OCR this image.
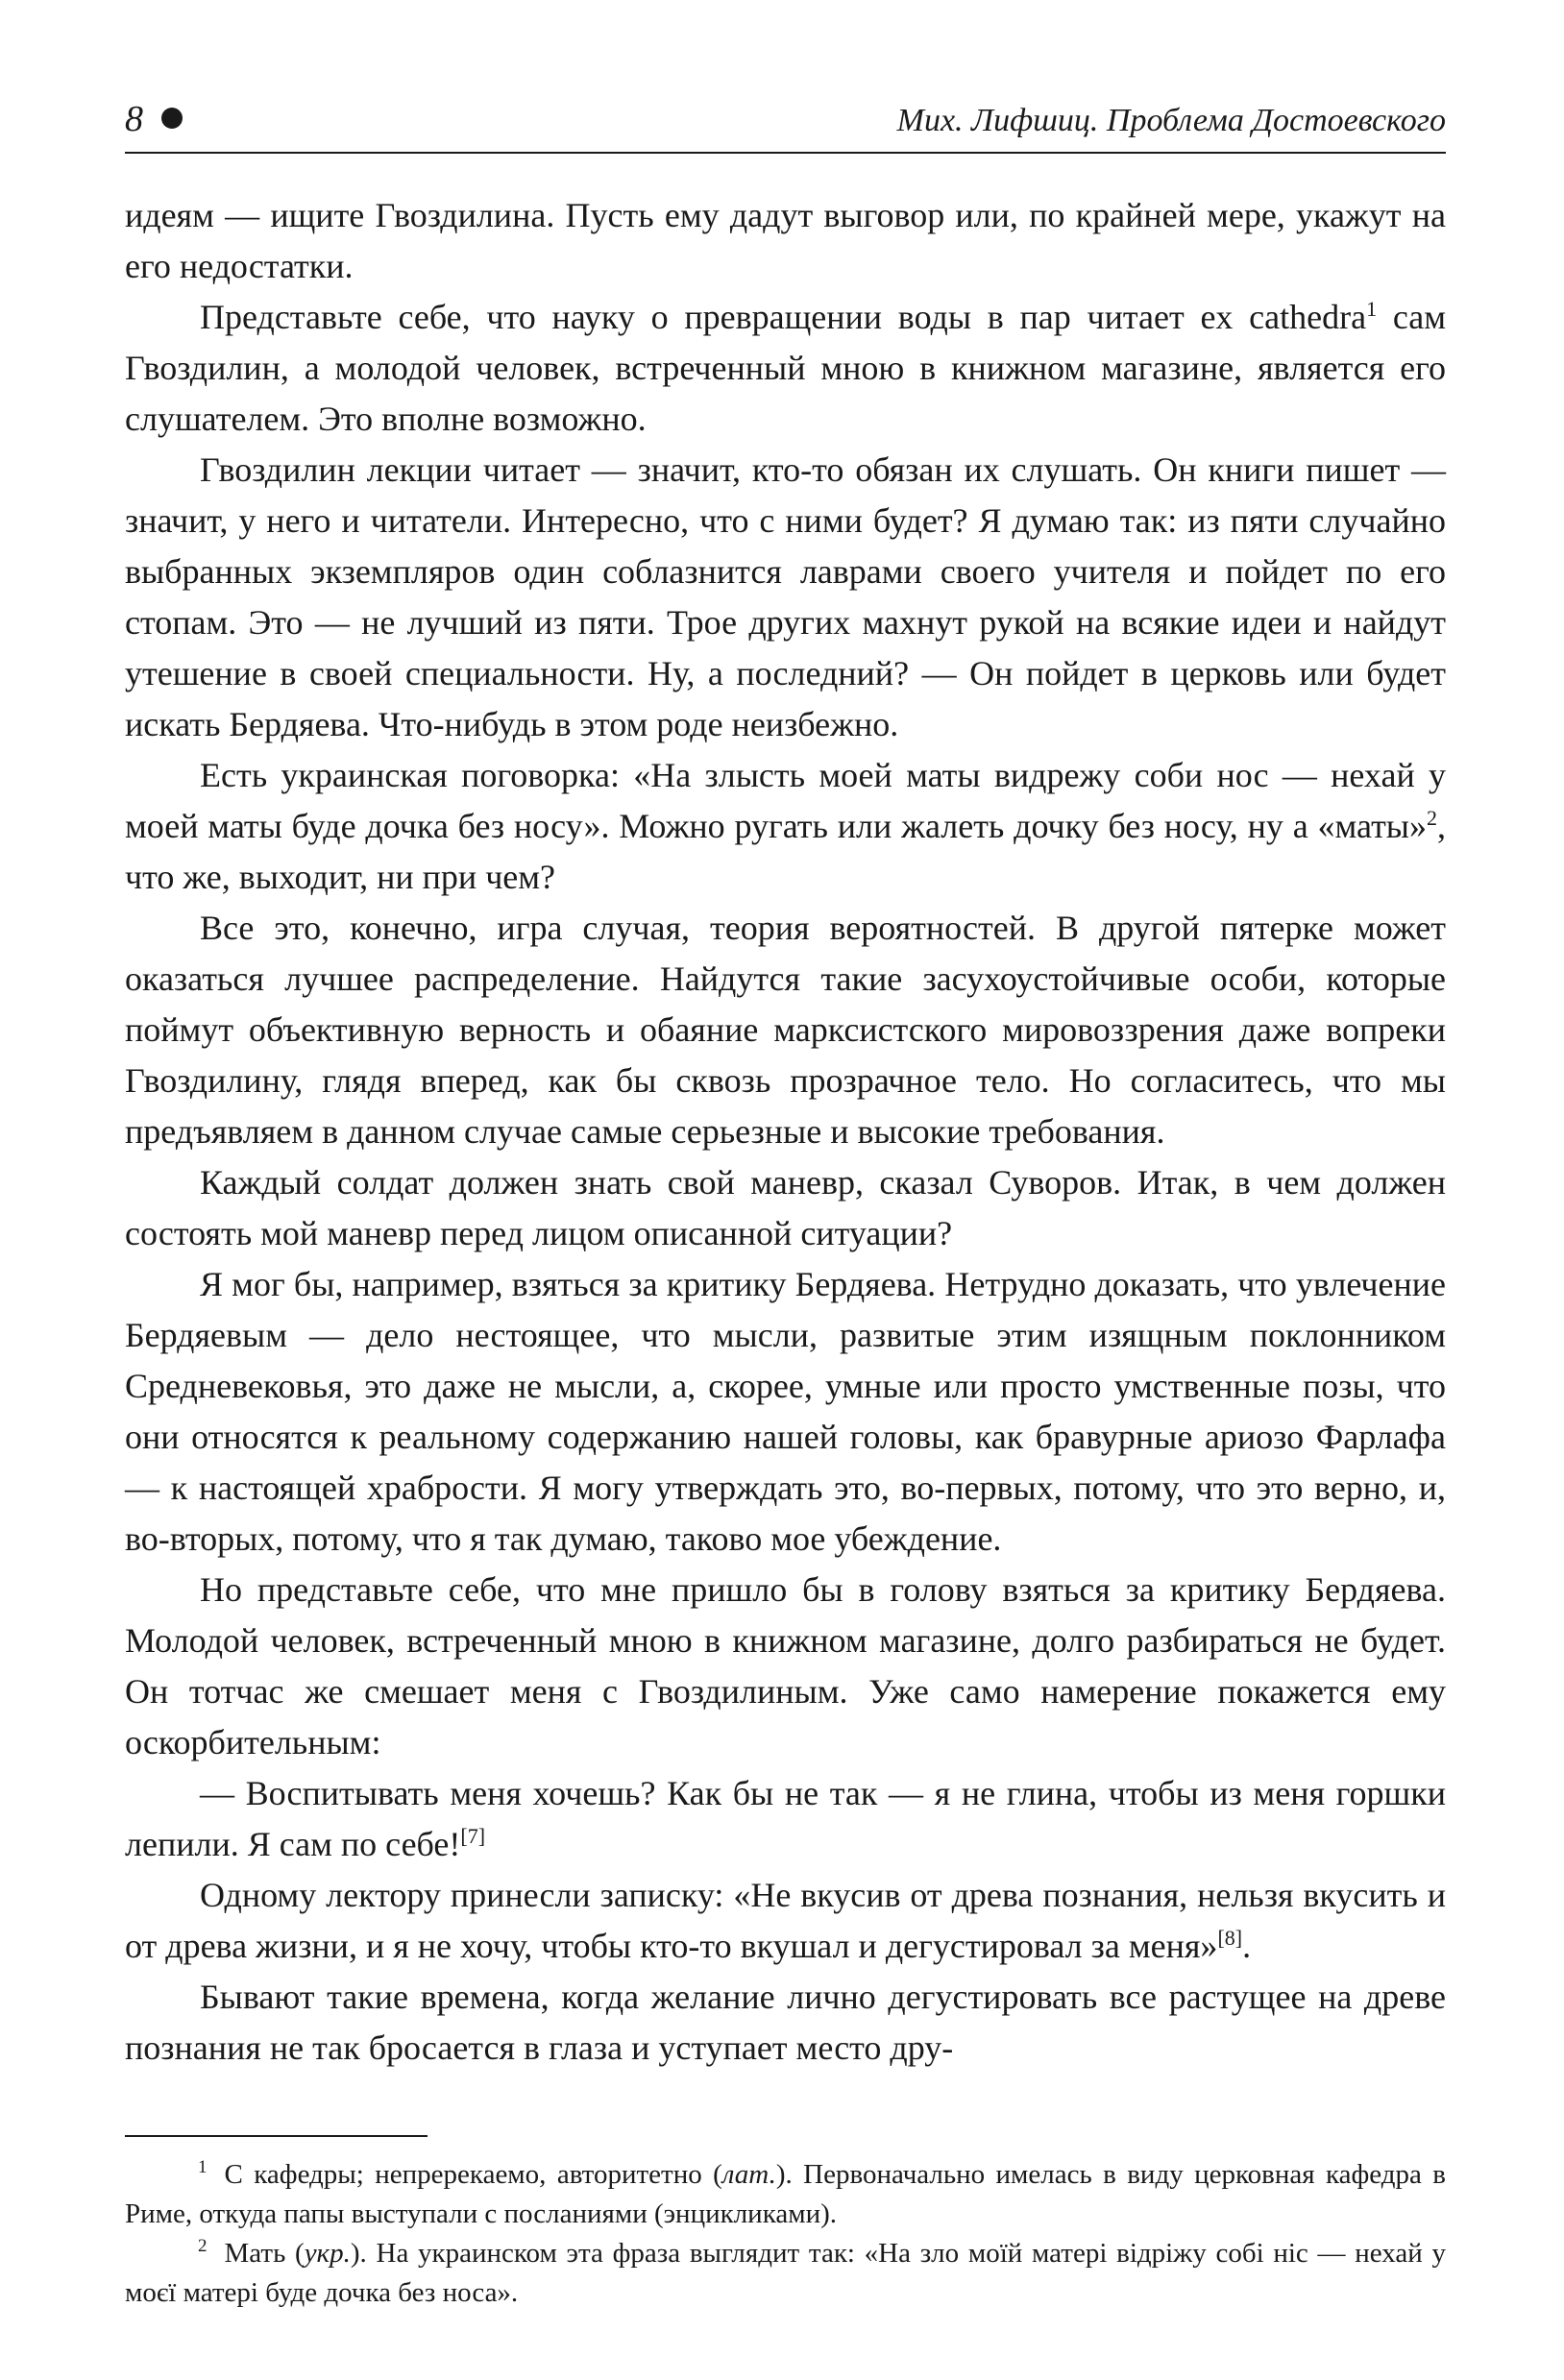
8	Мих. Лифшиц. Проблема Достоевского

идеям — ищите Гвоздилина. Пусть ему дадут выговор или, по крайней мере, укажут на его недостатки.

Представьте себе, что науку о превращении воды в пар читает ex cathedra$^1$ сам Гвоздилин, а молодой человек, встреченный мною в книжном магазине, является его слушателем. Это вполне возможно.

Гвоздилин лекции читает — значит, кто-то обязан их слушать. Он книги пишет — значит, у него и читатели. Интересно, что с ними будет? Я думаю так: из пяти случайно выбранных экземпляров один соблазнится лаврами своего учителя и пойдет по его стопам. Это — не лучший из пяти. Трое других махнут рукой на всякие идеи и найдут утешение в своей специальности. Ну, а последний? — Он пойдет в церковь или будет искать Бердяева. Что-нибудь в этом роде неизбежно.

Есть украинская поговорка: «На злысть моей маты видрежу соби нос — нехай у моей маты буде дочка без носу». Можно ругать или жалеть дочку без носу, ну а «маты»$^2$, что же, выходит, ни при чем?

Все это, конечно, игра случая, теория вероятностей. В другой пятерке может оказаться лучшее распределение. Найдутся такие засухоустойчивые особи, которые поймут объективную верность и обаяние марксистского мировоззрения даже вопреки Гвоздилину, глядя вперед, как бы сквозь прозрачное тело. Но согласитесь, что мы предъявляем в данном случае самые серьезные и высокие требования.

Каждый солдат должен знать свой маневр, сказал Суворов. Итак, в чем должен состоять мой маневр перед лицом описанной ситуации?

Я мог бы, например, взяться за критику Бердяева. Нетрудно доказать, что увлечение Бердяевым — дело нестоящее, что мысли, развитые этим изящным поклонником Средневековья, это даже не мысли, а, скорее, умные или просто умственные позы, что они относятся к реальному содержанию нашей головы, как бравурные ариозо Фарлафа — к настоящей храбрости. Я могу утверждать это, во-первых, потому, что это верно, и, во-вторых, потому, что я так думаю, таково мое убеждение.

Но представьте себе, что мне пришло бы в голову взяться за критику Бердяева. Молодой человек, встреченный мною в книжном магазине, долго разбираться не будет. Он тотчас же смешает меня с Гвоздилиным. Уже само намерение покажется ему оскорбительным:

— Воспитывать меня хочешь? Как бы не так — я не глина, чтобы из меня горшки лепили. Я сам по себе![7]

Одному лектору принесли записку: «Не вкусив от древа познания, нельзя вкусить и от древа жизни, и я не хочу, чтобы кто-то вкушал и дегустировал за меня»[8].

Бывают такие времена, когда желание лично дегустировать все растущее на древе познания не так бросается в глаза и уступает место дру-

$^1$ С кафедры; непререкаемо, авторитетно (лат.). Первоначально имелась в виду церковная кафедра в Риме, откуда папы выступали с посланиями (энцикликами).

$^2$ Мать (укр.). На украинском эта фраза выглядит так: «На зло моїй матері відріжу собі ніс — нехай у моєї матері буде дочка без носа».
